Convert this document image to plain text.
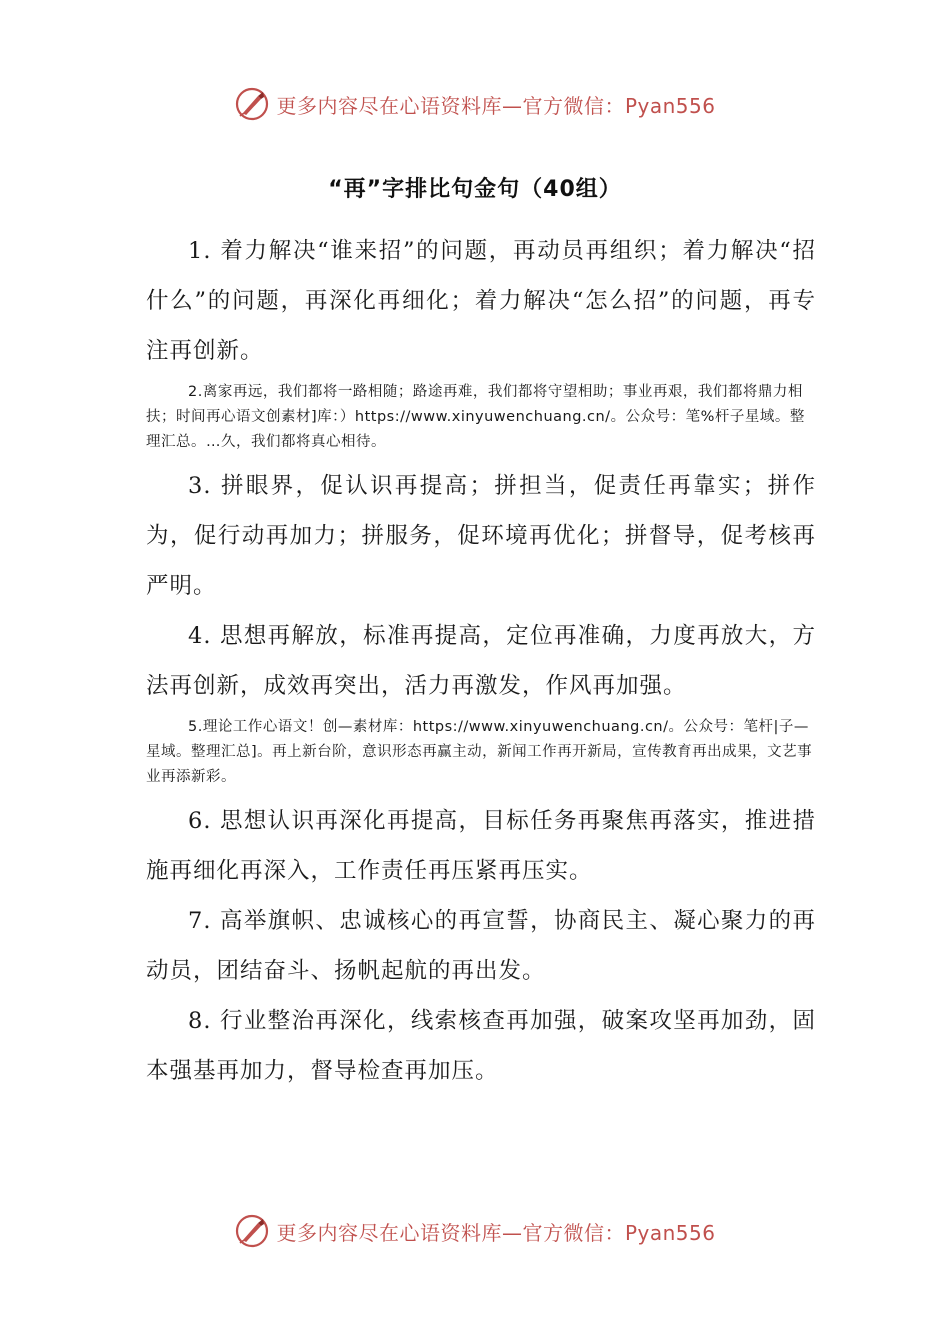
更多内容尽在心语资料库—官方微信：Pyan556
“再”字排比句金句（40组）

1. 着力解决“谁来招”的问题，再动员再组织；着力解决“招什么”的问题，再深化再细化；着力解决“怎么招”的问题，再专注再创新。

2.离家再远，我们都将一路相随；路途再难，我们都将守望相助；事业再艰，我们都将鼎力相扶；时间再心语文创素材]库：）https://www.xinyuwenchuang.cn/。公众号：笔%杆子星域。整理汇总。…久，我们都将真心相待。

3. 拼眼界，促认识再提高；拼担当，促责任再靠实；拼作为，促行动再加力；拼服务，促环境再优化；拼督导，促考核再严明。

4. 思想再解放，标准再提高，定位再准确，力度再放大，方法再创新，成效再突出，活力再激发，作风再加强。

5.理论工作心语文！创—素材库：https://www.xinyuwenchuang.cn/。公众号：笔杆|子—星域。整理汇总]。再上新台阶，意识形态再赢主动，新闻工作再开新局，宣传教育再出成果，文艺事业再添新彩。

6. 思想认识再深化再提高，目标任务再聚焦再落实，推进措施再细化再深入，工作责任再压紧再压实。

7. 高举旗帜、忠诚核心的再宣誓，协商民主、凝心聚力的再动员，团结奋斗、扬帆起航的再出发。

8. 行业整治再深化，线索核查再加强，破案攻坚再加劲，固本强基再加力，督导检查再加压。

更多内容尽在心语资料库—官方微信：Pyan556
